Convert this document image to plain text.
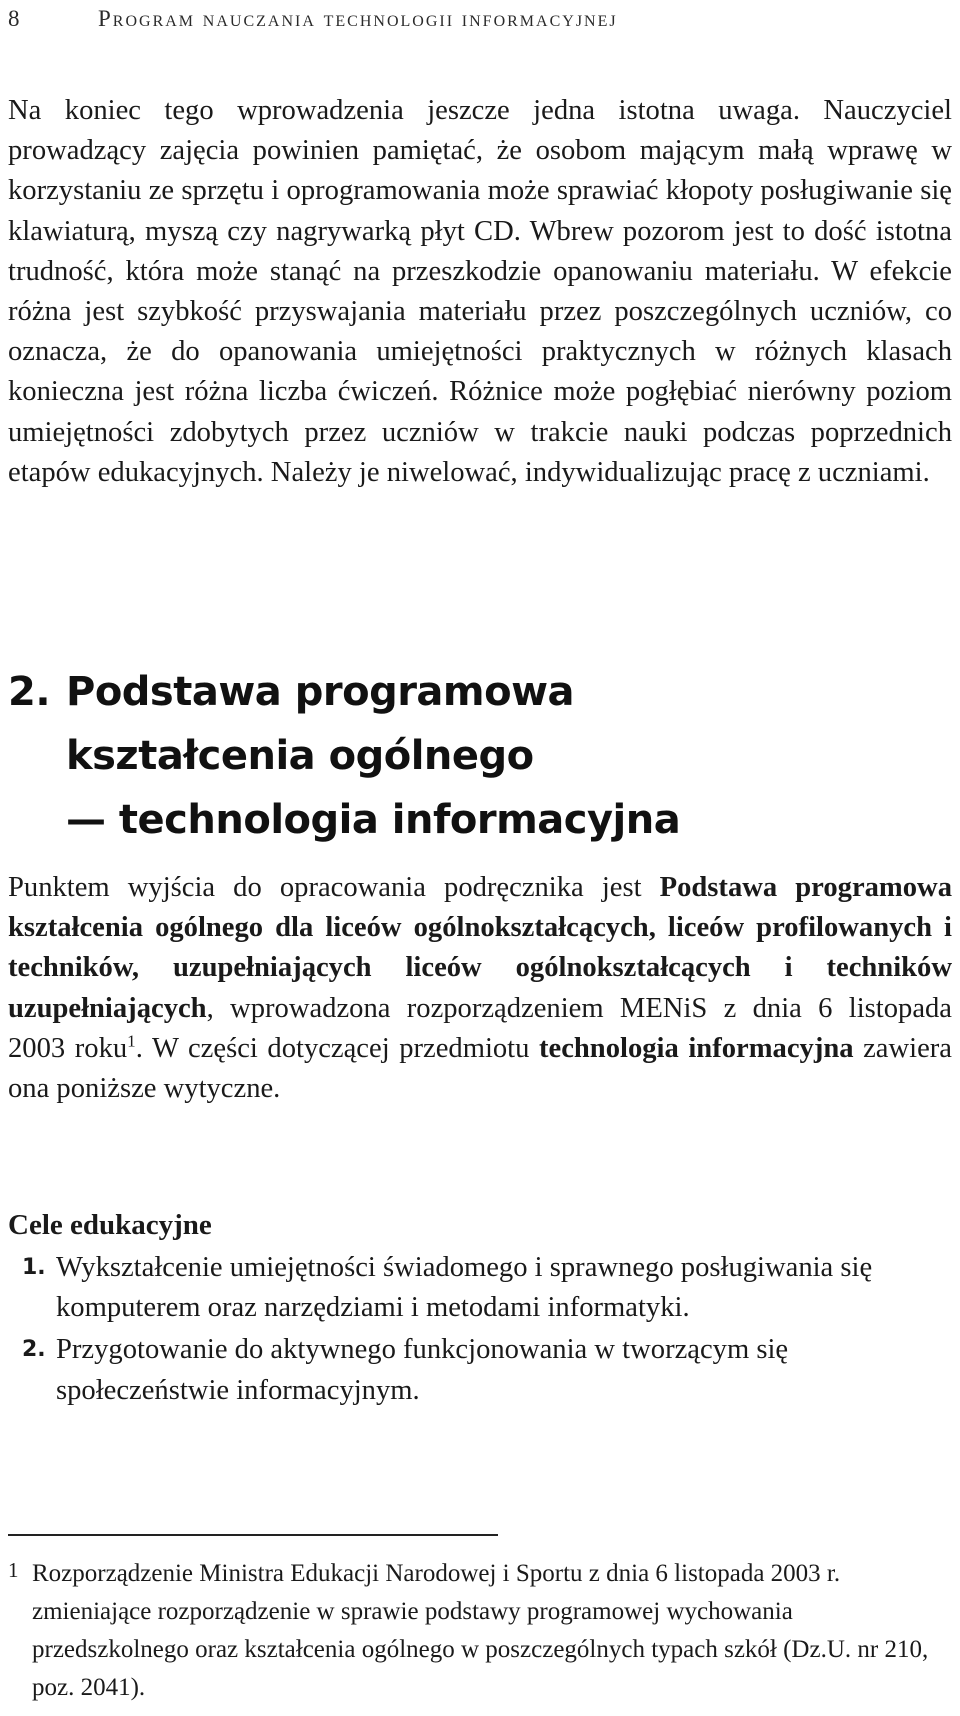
8	Program nauczania technologii informacyjnej

Na koniec tego wprowadzenia jeszcze jedna istotna uwaga. Nauczyciel prowadzący zajęcia powinien pamiętać, że osobom mającym małą wprawę w korzystaniu ze sprzętu i oprogramowania może sprawiać kłopoty posługiwanie się klawiaturą, myszą czy nagrywarką płyt CD. Wbrew pozorom jest to dość istotna trudność, która może stanąć na przeszkodzie opanowaniu materiału. W efekcie różna jest szybkość przyswajania materiału przez poszczególnych uczniów, co oznacza, że do opanowania umiejętności praktycznych w różnych klasach konieczna jest różna liczba ćwiczeń. Różnice może pogłębiać nierówny poziom umiejętności zdobytych przez uczniów w trakcie nauki podczas poprzednich etapów edukacyjnych. Należy je niwelować, indywidualizując pracę z uczniami.

2. Podstawa programowa
kształcenia ogólnego
— technologia informacyjna

Punktem wyjścia do opracowania podręcznika jest Podstawa programowa kształcenia ogólnego dla liceów ogólnokształcących, liceów profilowanych i techników, uzupełniających liceów ogólnokształcących i techników uzupełniających, wprowadzona rozporządzeniem MENiS z dnia 6 listopada 2003 roku$^1$. W części dotyczącej przedmiotu technologia informacyjna zawiera ona poniższe wytyczne.

Cele edukacyjne
1. Wykształcenie umiejętności świadomego i sprawnego posługiwania się komputerem oraz narzędziami i metodami informatyki.
2. Przygotowanie do aktywnego funkcjonowania w tworzącym się społeczeństwie informacyjnym.
1 Rozporządzenie Ministra Edukacji Narodowej i Sportu z dnia 6 listopada 2003 r. zmieniające rozporządzenie w sprawie podstawy programowej wychowania przedszkolnego oraz kształcenia ogólnego w poszczególnych typach szkół (Dz.U. nr 210, poz. 2041).
